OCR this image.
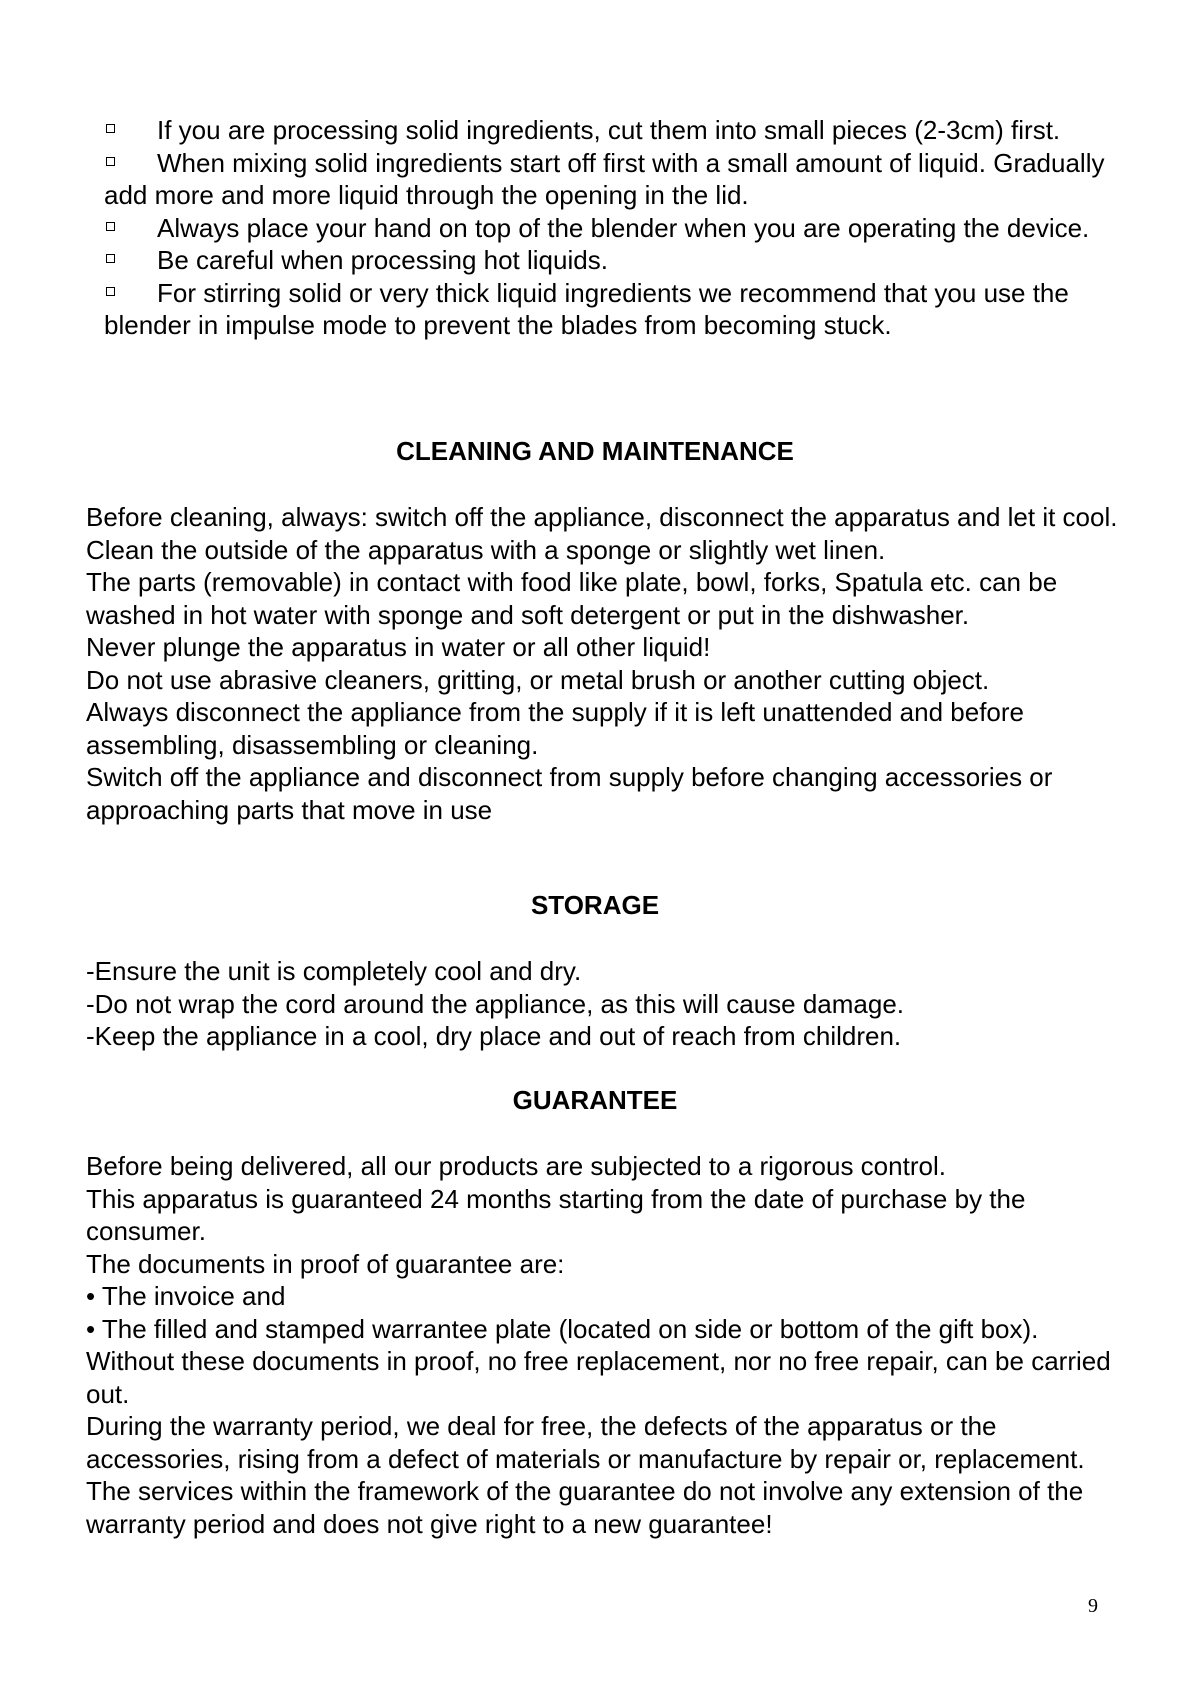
If you are processing solid ingredients, cut them into small pieces (2-3cm) first.

When mixing solid ingredients start off first with a small amount of liquid. Gradually add more and more liquid through the opening in the lid.

Always place your hand on top of the blender when you are operating the device.

Be careful when processing hot liquids.

For stirring solid or very thick liquid ingredients we recommend that you use the blender in impulse mode to prevent the blades from becoming stuck.

CLEANING AND MAINTENANCE

Before cleaning, always: switch off the appliance, disconnect the apparatus and let it cool.

Clean the outside of the apparatus with a sponge or slightly wet linen.

The parts (removable) in contact with food like plate, bowl, forks, Spatula etc. can be washed in hot water with sponge and soft detergent or put in the dishwasher.

Never plunge the apparatus in water or all other liquid!

Do not use abrasive cleaners, gritting, or metal brush or another cutting object.

Always disconnect the appliance from the supply if it is left unattended and before assembling, disassembling or cleaning.

Switch off the appliance and disconnect from supply before changing accessories or approaching parts that move in use

STORAGE

-Ensure the unit is completely cool and dry.

-Do not wrap the cord around the appliance, as this will cause damage.

-Keep the appliance in a cool, dry place and out of reach from children.

GUARANTEE

Before being delivered, all our products are subjected to a rigorous control.

This apparatus is guaranteed 24 months starting from the date of purchase by the consumer.

The documents in proof of guarantee are:

• The invoice and

• The filled and stamped warrantee plate (located on side or bottom of the gift box). Without these documents in proof, no free replacement, nor no free repair, can be carried out.

During the warranty period, we deal for free, the defects of the apparatus or the accessories, rising from a defect of materials or manufacture by repair or, replacement. The services within the framework of the guarantee do not involve any extension of the warranty period and does not give right to a new guarantee!

9
